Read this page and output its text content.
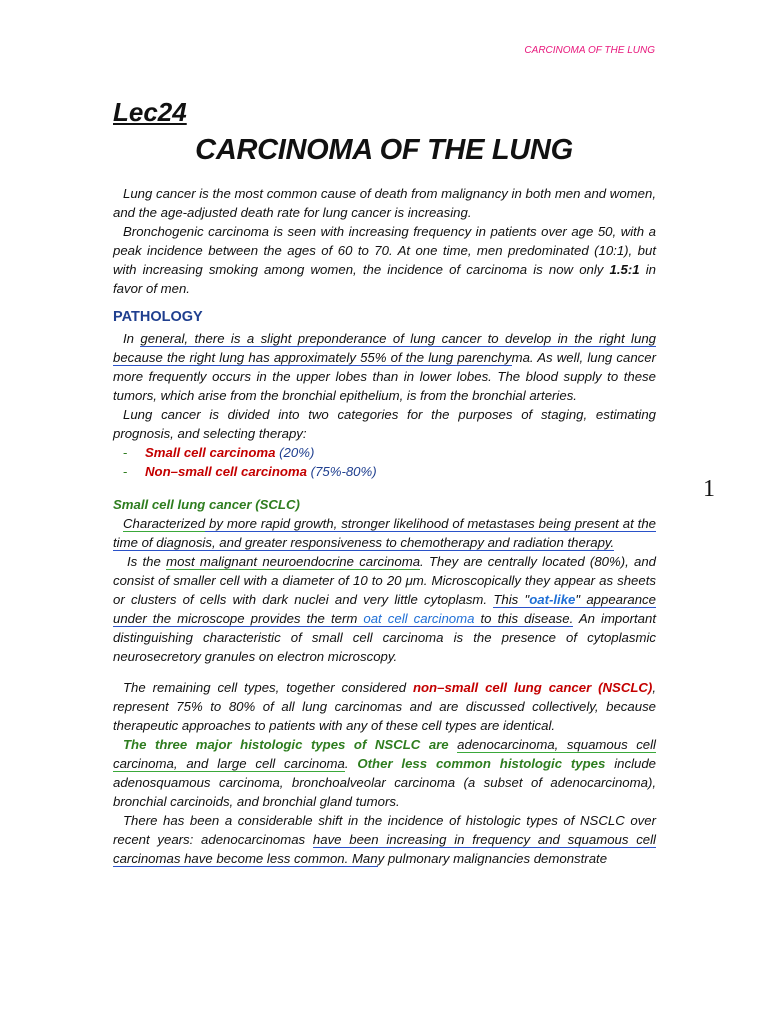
CARCINOMA OF THE LUNG
Lec24
CARCINOMA OF THE LUNG
1

Lung cancer is the most common cause of death from malignancy in both men and women, and the age-adjusted death rate for lung cancer is increasing.

Bronchogenic carcinoma is seen with increasing frequency in patients over age 50, with a peak incidence between the ages of 60 to 70. At one time, men predominated (10:1), but with increasing smoking among women, the incidence of carcinoma is now only 1.5:1 in favor of men.

PATHOLOGY

In general, there is a slight preponderance of lung cancer to develop in the right lung because the right lung has approximately 55% of the lung parenchyma. As well, lung cancer more frequently occurs in the upper lobes than in lower lobes. The blood supply to these tumors, which arise from the bronchial epithelium, is from the bronchial arteries.

Lung cancer is divided into two categories for the purposes of staging, estimating prognosis, and selecting therapy:

- Small cell carcinoma (20%)
- Non–small cell carcinoma (75%-80%)

Small cell lung cancer (SCLC)

Characterized by more rapid growth, stronger likelihood of metastases being present at the time of diagnosis, and greater responsiveness to chemotherapy and radiation therapy.

Is the most malignant neuroendocrine carcinoma. They are centrally located (80%), and consist of smaller cell with a diameter of 10 to 20 μm. Microscopically they appear as sheets or clusters of cells with dark nuclei and very little cytoplasm. This "oat-like" appearance under the microscope provides the term oat cell carcinoma to this disease. An important distinguishing characteristic of small cell carcinoma is the presence of cytoplasmic neurosecretory granules on electron microscopy.

The remaining cell types, together considered non–small cell lung cancer (NSCLC), represent 75% to 80% of all lung carcinomas and are discussed collectively, because therapeutic approaches to patients with any of these cell types are identical.

The three major histologic types of NSCLC are adenocarcinoma, squamous cell carcinoma, and large cell carcinoma. Other less common histologic types include adenosquamous carcinoma, bronchoalveolar carcinoma (a subset of adenocarcinoma), bronchial carcinoids, and bronchial gland tumors.

There has been a considerable shift in the incidence of histologic types of NSCLC over recent years: adenocarcinomas have been increasing in frequency and squamous cell carcinomas have become less common. Many pulmonary malignancies demonstrate
